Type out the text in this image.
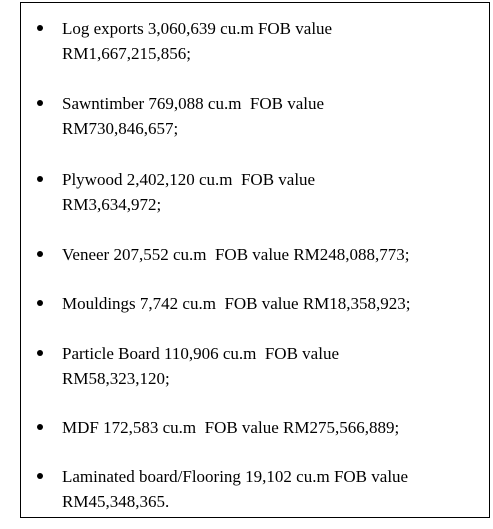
Log exports 3,060,639 cu.m FOB value
RM1,667,215,856;
Sawntimber 769,088 cu.m  FOB value
RM730,846,657;
Plywood 2,402,120 cu.m  FOB value
RM3,634,972;
Veneer 207,552 cu.m  FOB value RM248,088,773;
Mouldings 7,742 cu.m  FOB value RM18,358,923;
Particle Board 110,906 cu.m  FOB value
RM58,323,120;
MDF 172,583 cu.m  FOB value RM275,566,889;
Laminated board/Flooring 19,102 cu.m FOB value
RM45,348,365.
